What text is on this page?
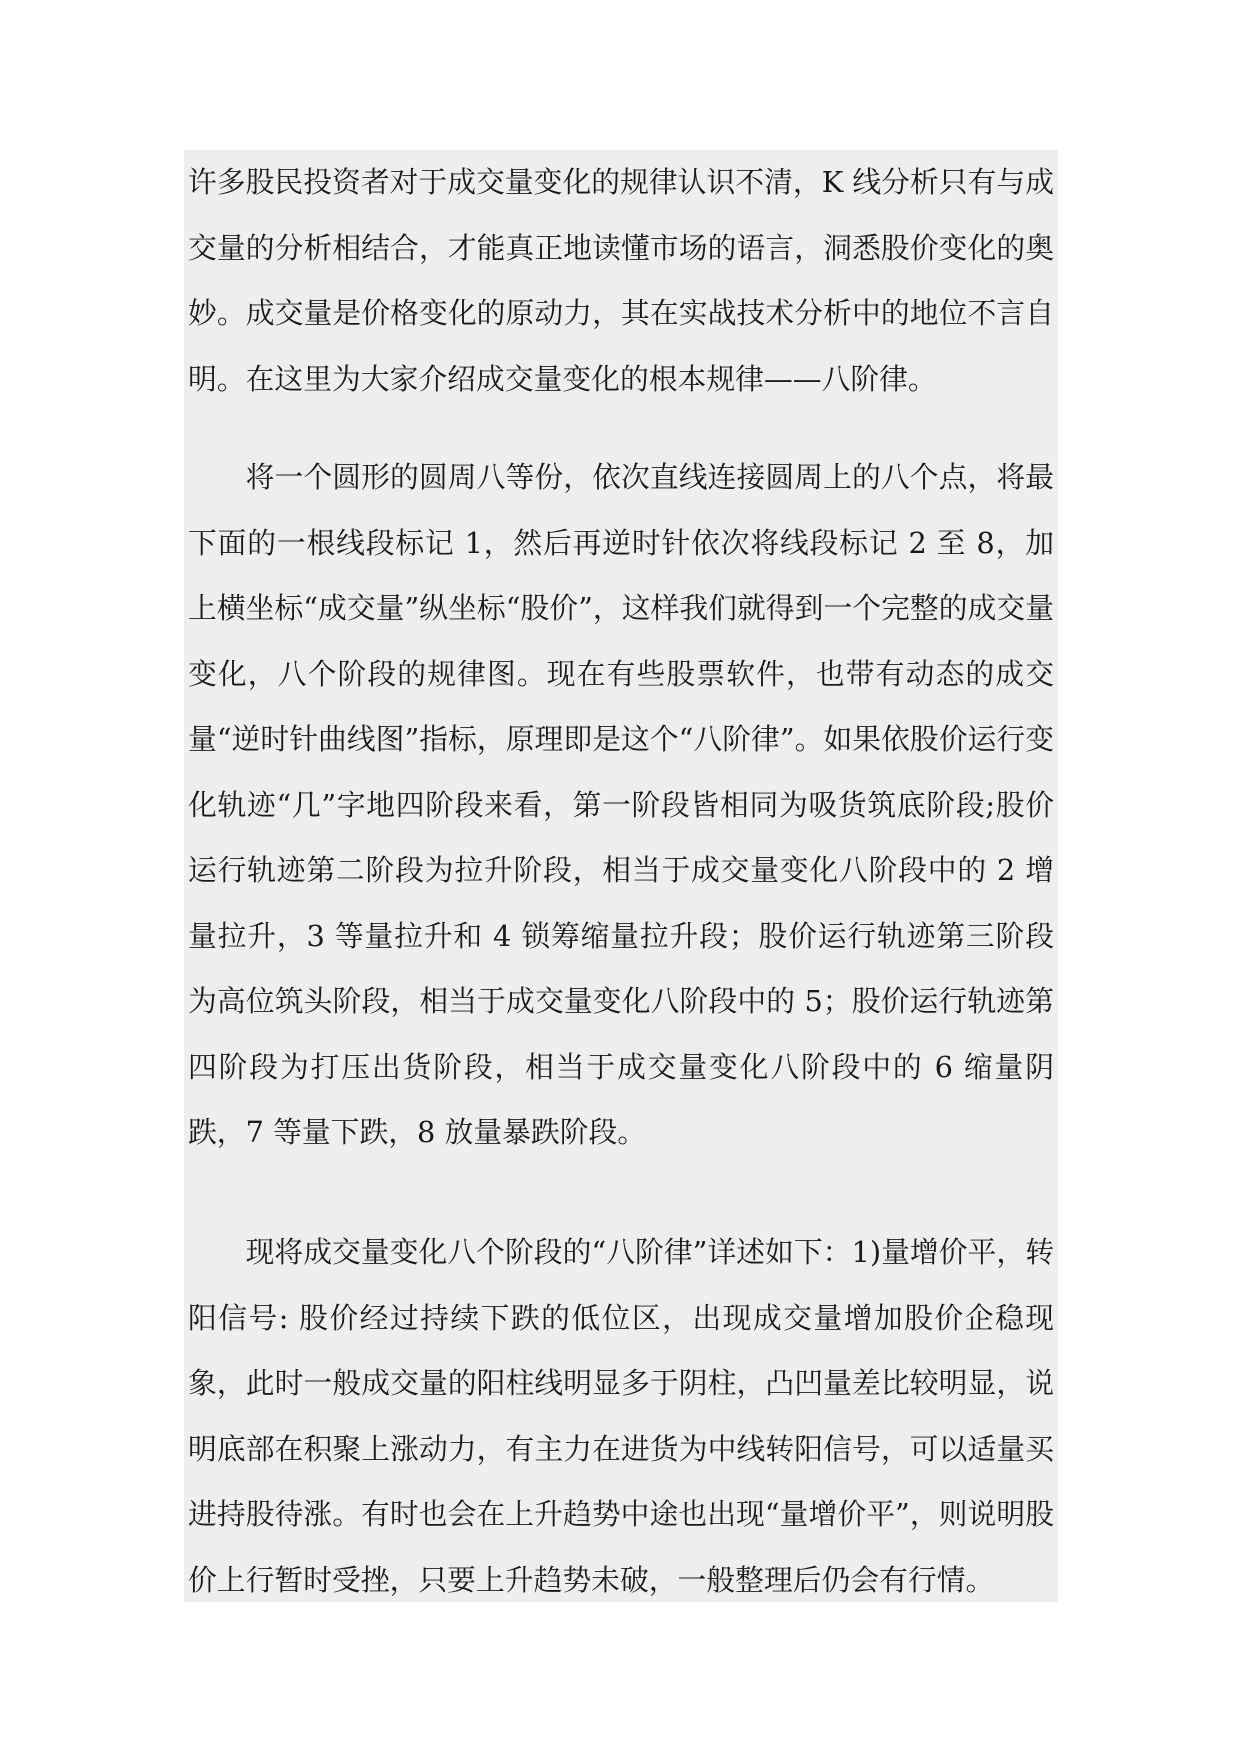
许多股民投资者对于成交量变化的规律认识不清，K 线分析只有与成交量的分析相结合，才能真正地读懂市场的语言，洞悉股价变化的奥妙。成交量是价格变化的原动力，其在实战技术分析中的地位不言自明。在这里为大家介绍成交量变化的根本规律——八阶律。

将一个圆形的圆周八等份，依次直线连接圆周上的八个点，将最下面的一根线段标记 1，然后再逆时针依次将线段标记 2 至 8，加上横坐标“成交量”纵坐标“股价”，这样我们就得到一个完整的成交量变化，八个阶段的规律图。现在有些股票软件，也带有动态的成交量“逆时针曲线图”指标，原理即是这个“八阶律”。如果依股价运行变化轨迹“几”字地四阶段来看，第一阶段皆相同为吸货筑底阶段;股价运行轨迹第二阶段为拉升阶段，相当于成交量变化八阶段中的 2 增量拉升，3 等量拉升和 4 锁筹缩量拉升段；股价运行轨迹第三阶段为高位筑头阶段，相当于成交量变化八阶段中的 5；股价运行轨迹第四阶段为打压出货阶段，相当于成交量变化八阶段中的 6 缩量阴跌，7 等量下跌，8 放量暴跌阶段。

现将成交量变化八个阶段的“八阶律”详述如下：1)量增价平，转阳信号: 股价经过持续下跌的低位区，出现成交量增加股价企稳现象，此时一般成交量的阳柱线明显多于阴柱，凸凹量差比较明显，说明底部在积聚上涨动力，有主力在进货为中线转阳信号，可以适量买进持股待涨。有时也会在上升趋势中途也出现“量增价平”，则说明股价上行暂时受挫，只要上升趋势未破，一般整理后仍会有行情。
